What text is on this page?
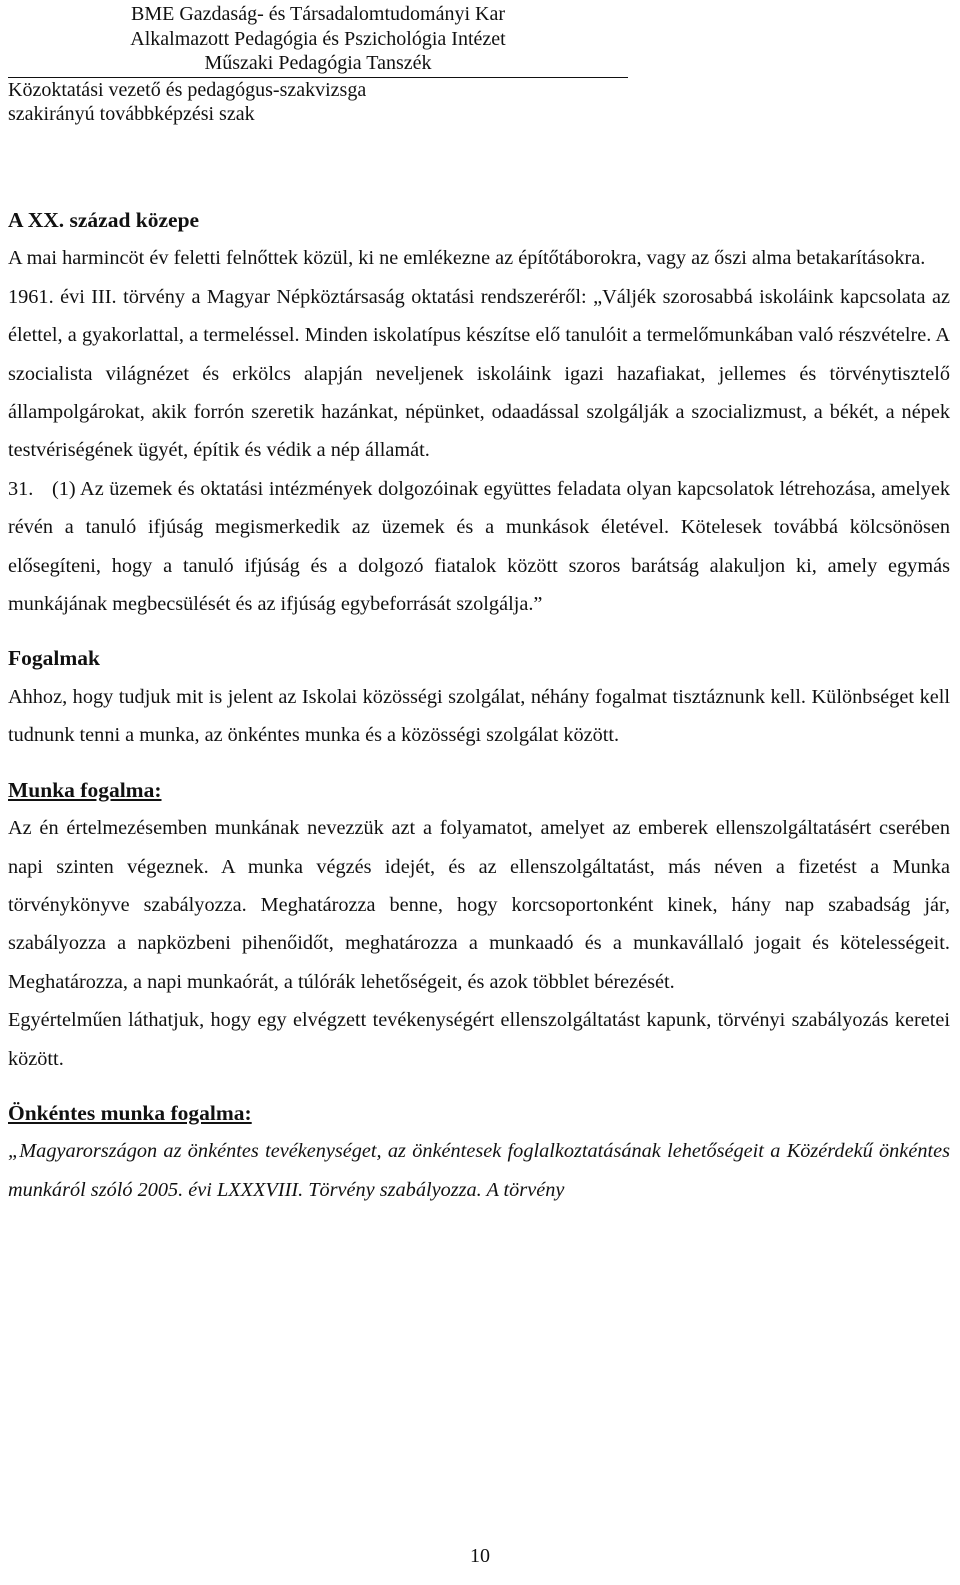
BME Gazdaság- és Társadalomtudományi Kar
Alkalmazott Pedagógia és Pszichológia Intézet
Műszaki Pedagógia Tanszék
Közoktatási vezető és pedagógus-szakvizsga
szakirányú továbbképzési szak
A XX. század közepe

A mai harmincöt év feletti felnőttek közül, ki ne emlékezne az építőtáborokra, vagy az őszi alma betakarításokra.

1961. évi III. törvény a Magyar Népköztársaság oktatási rendszeréről: „Váljék szorosabbá iskoláink kapcsolata az élettel, a gyakorlattal, a termeléssel. Minden iskolatípus készítse elő tanulóit a termelőmunkában való részvételre. A szocialista világnézet és erkölcs alapján neveljenek iskoláink igazi hazafiakat, jellemes és törvénytisztelő állampolgárokat, akik forrón szeretik hazánkat, népünket, odaadással szolgálják a szocializmust, a békét, a népek testvériségének ügyét, építik és védik a nép államát.

31. (1) Az üzemek és oktatási intézmények dolgozóinak együttes feladata olyan kapcsolatok létrehozása, amelyek révén a tanuló ifjúság megismerkedik az üzemek és a munkások életével. Kötelesek továbbá kölcsönösen elősegíteni, hogy a tanuló ifjúság és a dolgozó fiatalok között szoros barátság alakuljon ki, amely egymás munkájának megbecsülését és az ifjúság egybeforrását szolgálja.”

Fogalmak

Ahhoz, hogy tudjuk mit is jelent az Iskolai közösségi szolgálat, néhány fogalmat tisztáznunk kell. Különbséget kell tudnunk tenni a munka, az önkéntes munka és a közösségi szolgálat között.

Munka fogalma:

Az én értelmezésemben munkának nevezzük azt a folyamatot, amelyet az emberek ellenszolgáltatásért cserében napi szinten végeznek. A munka végzés idejét, és az ellenszolgáltatást, más néven a fizetést a Munka törvénykönyve szabályozza. Meghatározza benne, hogy korcsoportonként kinek, hány nap szabadság jár, szabályozza a napközbeni pihenőidőt, meghatározza a munkaadó és a munkavállaló jogait és kötelességeit. Meghatározza, a napi munkaórát, a túlórák lehetőségeit, és azok többlet bérezését.

Egyértelműen láthatjuk, hogy egy elvégzett tevékenységért ellenszolgáltatást kapunk, törvényi szabályozás keretei között.

Önkéntes munka fogalma:

„Magyarországon az önkéntes tevékenységet, az önkéntesek foglalkoztatásának lehetőségeit a Közérdekű önkéntes munkáról szóló 2005. évi LXXXVIII. Törvény szabályozza. A törvény

10
